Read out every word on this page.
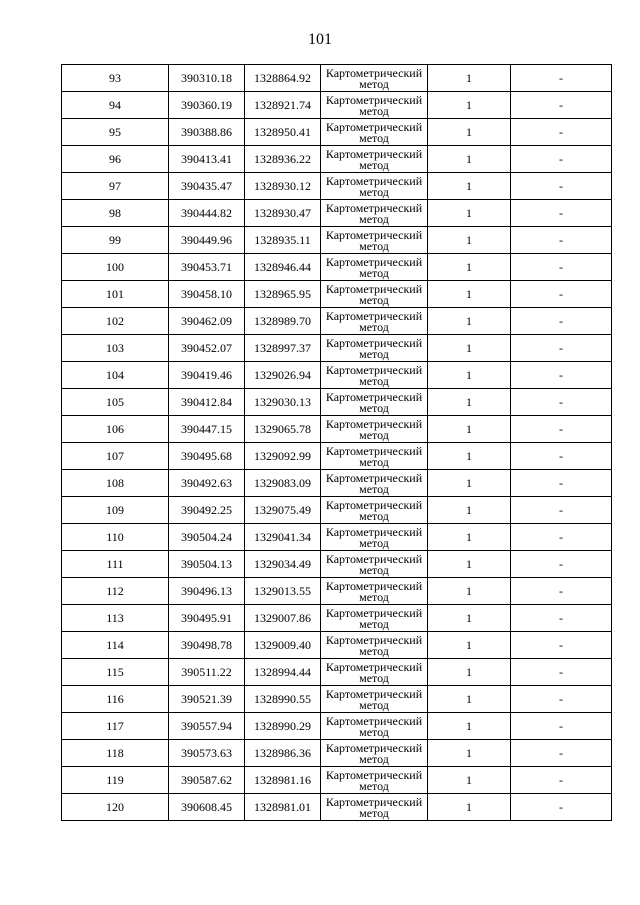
101
93	390310.18	1328864.92	Картометрический метод	1	-
94	390360.19	1328921.74	Картометрический метод	1	-
95	390388.86	1328950.41	Картометрический метод	1	-
96	390413.41	1328936.22	Картометрический метод	1	-
97	390435.47	1328930.12	Картометрический метод	1	-
98	390444.82	1328930.47	Картометрический метод	1	-
99	390449.96	1328935.11	Картометрический метод	1	-
100	390453.71	1328946.44	Картометрический метод	1	-
101	390458.10	1328965.95	Картометрический метод	1	-
102	390462.09	1328989.70	Картометрический метод	1	-
103	390452.07	1328997.37	Картометрический метод	1	-
104	390419.46	1329026.94	Картометрический метод	1	-
105	390412.84	1329030.13	Картометрический метод	1	-
106	390447.15	1329065.78	Картометрический метод	1	-
107	390495.68	1329092.99	Картометрический метод	1	-
108	390492.63	1329083.09	Картометрический метод	1	-
109	390492.25	1329075.49	Картометрический метод	1	-
110	390504.24	1329041.34	Картометрический метод	1	-
111	390504.13	1329034.49	Картометрический метод	1	-
112	390496.13	1329013.55	Картометрический метод	1	-
113	390495.91	1329007.86	Картометрический метод	1	-
114	390498.78	1329009.40	Картометрический метод	1	-
115	390511.22	1328994.44	Картометрический метод	1	-
116	390521.39	1328990.55	Картометрический метод	1	-
117	390557.94	1328990.29	Картометрический метод	1	-
118	390573.63	1328986.36	Картометрический метод	1	-
119	390587.62	1328981.16	Картометрический метод	1	-
120	390608.45	1328981.01	Картометрический метод	1	-
